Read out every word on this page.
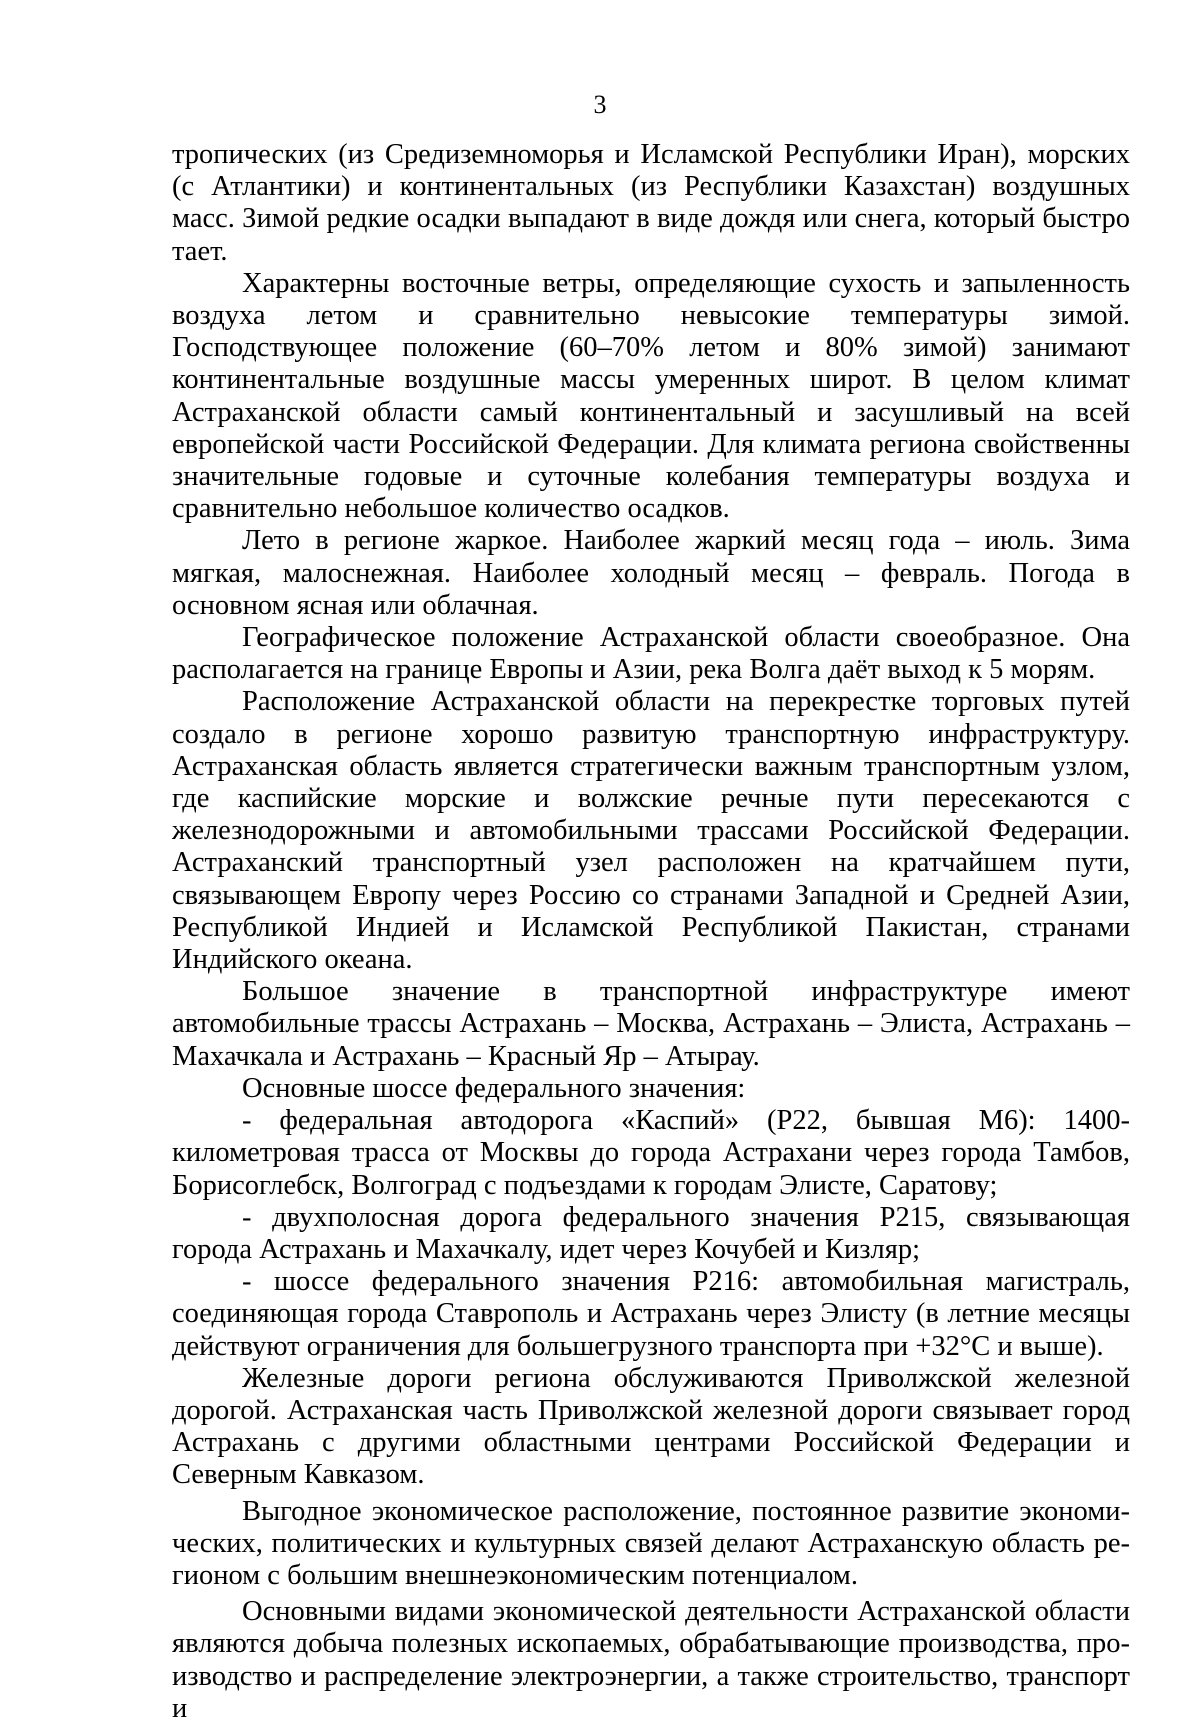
3

тропических (из Средиземноморья и Исламской Республики Иран), морских (с Атлантики) и континентальных (из Республики Казахстан) воздушных масс. Зимой редкие осадки выпадают в виде дождя или снега, который быстро тает.

Характерны восточные ветры, определяющие сухость и запыленность воздуха летом и сравнительно невысокие температуры зимой. Господствующее положение (60–70% летом и 80% зимой) занимают континентальные воздушные массы умеренных широт. В целом климат Астраханской области самый континентальный и засушливый на всей европейской части Российской Федерации. Для климата региона свойственны значительные годовые и суточные колебания температуры воздуха и сравнительно небольшое количество осадков.

Лето в регионе жаркое. Наиболее жаркий месяц года – июль. Зима мягкая, малоснежная. Наиболее холодный месяц – февраль. Погода в основном ясная или облачная.

Географическое положение Астраханской области своеобразное. Она располагается на границе Европы и Азии, река Волга даёт выход к 5 морям.

Расположение Астраханской области на перекрестке торговых путей создало в регионе хорошо развитую транспортную инфраструктуру. Астраханская область является стратегически важным транспортным узлом, где каспийские морские и волжские речные пути пересекаются с железнодорожными и автомобильными трассами Российской Федерации. Астраханский транспортный узел расположен на кратчайшем пути, связывающем Европу через Россию со странами Западной и Средней Азии, Республикой Индией и Исламской Республикой Пакистан, странами Индийского океана.

Большое значение в транспортной инфраструктуре имеют автомобильные трассы Астрахань – Москва, Астрахань – Элиста, Астрахань – Махачкала и Астрахань – Красный Яр – Атырау.

Основные шоссе федерального значения:

- федеральная автодорога «Каспий» (Р22, бывшая М6): 1400-километровая трасса от Москвы до города Астрахани через города Тамбов, Борисоглебск, Волгоград с подъездами к городам Элисте, Саратову;

- двухполосная дорога федерального значения Р215, связывающая города Астрахань и Махачкалу, идет через Кочубей и Кизляр;

- шоссе федерального значения Р216: автомобильная магистраль, соединяющая города Ставрополь и Астрахань через Элисту (в летние месяцы действуют ограничения для большегрузного транспорта при +32°C и выше).

Железные дороги региона обслуживаются Приволжской железной дорогой. Астраханская часть Приволжской железной дороги связывает город Астрахань с другими областными центрами Российской Федерации и Северным Кавказом.

Выгодное экономическое расположение, постоянное развитие экономических, политических и культурных связей делают Астраханскую область регионом с большим внешнеэкономическим потенциалом.

Основными видами экономической деятельности Астраханской области являются добыча полезных ископаемых, обрабатывающие производства, производство и распределение электроэнергии, а также строительство, транспорт и
